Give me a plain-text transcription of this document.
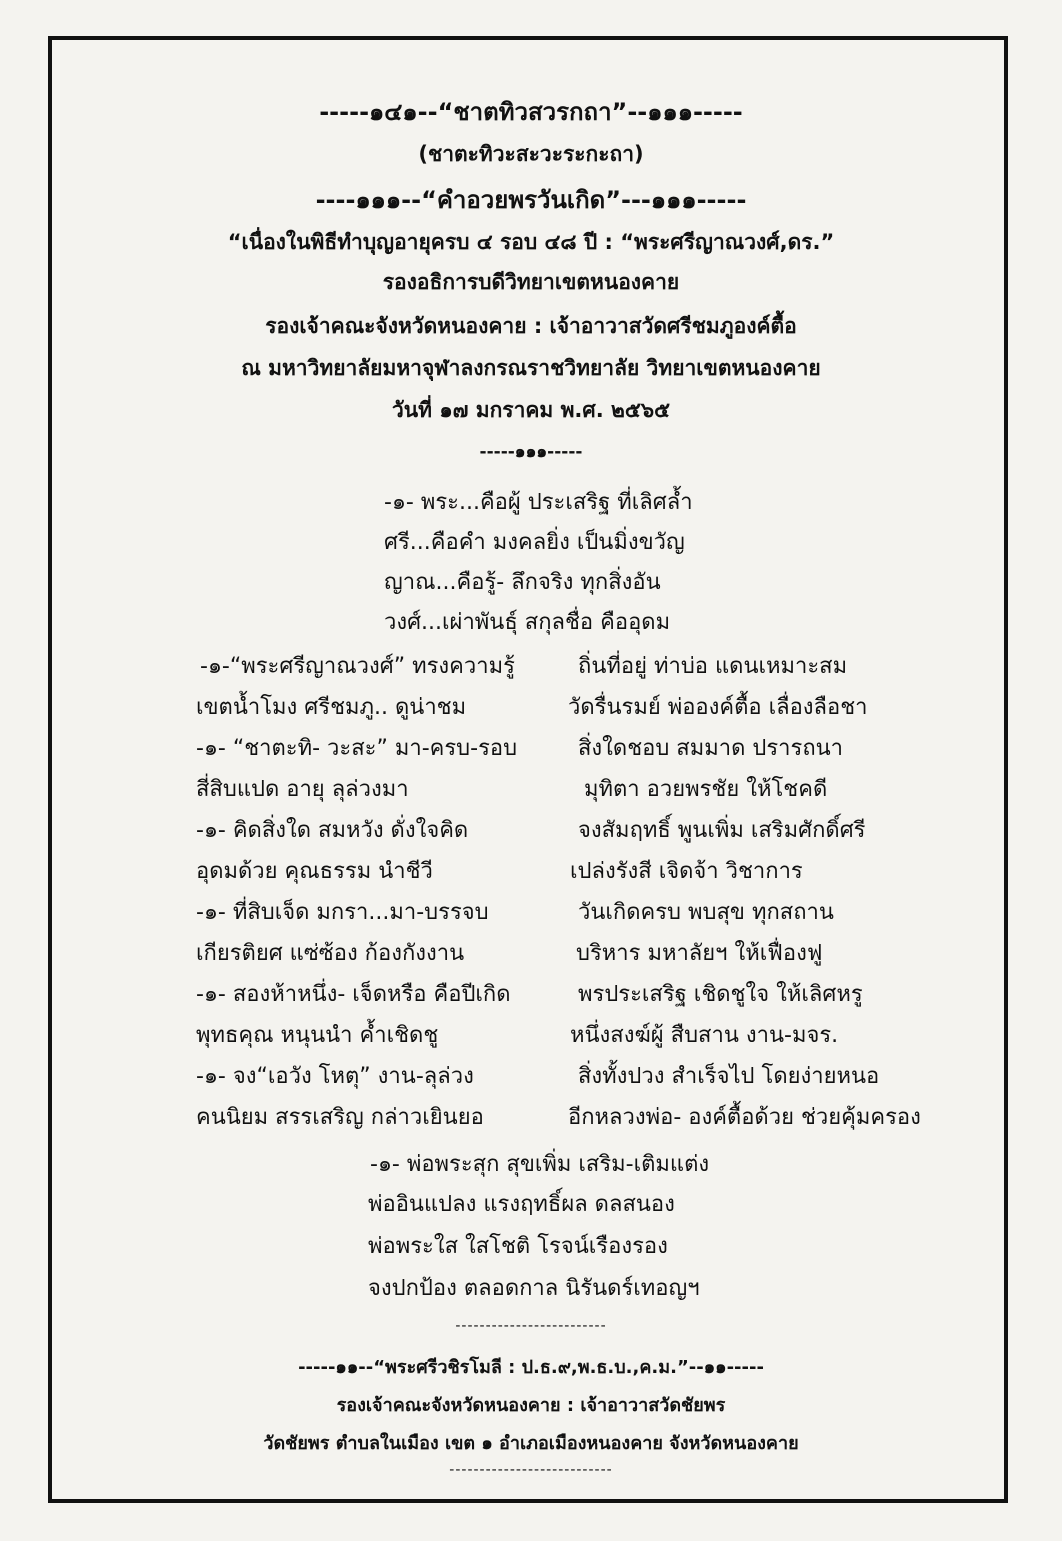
-----๑๔๑--“ชาตทิวสวรกถา”--๑๑๑-----
(ชาตะทิวะสะวะระกะถา)
----๑๑๑--“คำอวยพรวันเกิด”---๑๑๑-----
“เนื่องในพิธีทำบุญอายุครบ ๔ รอบ ๔๘ ปี : “พระศรีญาณวงศ์,ดร.”
รองอธิการบดีวิทยาเขตหนองคาย
รองเจ้าคณะจังหวัดหนองคาย : เจ้าอาวาสวัดศรีชมภูองค์ตื้อ
ณ มหาวิทยาลัยมหาจุฬาลงกรณราชวิทยาลัย วิทยาเขตหนองคาย
วันที่ ๑๗ มกราคม พ.ศ. ๒๕๖๕
-----๑๑๑-----
-๑- พระ...คือผู้ ประเสริฐ ที่เลิศล้ำ
ศรี...คือคำ มงคลยิ่ง เป็นมิ่งขวัญ
ญาณ...คือรู้- ลึกจริง ทุกสิ่งอัน
วงศ์...เผ่าพันธุ์ สกุลชื่อ คืออุดม
-๑-“พระศรีญาณวงศ์” ทรงความรู้	ถิ่นที่อยู่ ท่าบ่อ แดนเหมาะสม
เขตน้ำโมง ศรีชมภู.. ดูน่าชม	วัดรื่นรมย์ พ่อองค์ตื้อ เลื่องลือชา
-๑- “ชาตะทิ- วะสะ” มา-ครบ-รอบ	สิ่งใดชอบ สมมาด ปรารถนา
สี่สิบแปด อายุ ลุล่วงมา	มุทิตา อวยพรชัย ให้โชคดี
-๑- คิดสิ่งใด สมหวัง ดั่งใจคิด	จงสัมฤทธิ์ พูนเพิ่ม เสริมศักดิ์ศรี
อุดมด้วย คุณธรรม นำชีวี	เปล่งรังสี เจิดจ้า วิชาการ
-๑- ที่สิบเจ็ด มกรา...มา-บรรจบ	วันเกิดครบ พบสุข ทุกสถาน
เกียรติยศ แซ่ซ้อง ก้องกังงาน	บริหาร มหาลัยฯ ให้เฟื่องฟู
-๑- สองห้าหนึ่ง- เจ็ดหรือ คือปีเกิด	พรประเสริฐ เชิดชูใจ ให้เลิศหรู
พุทธคุณ หนุนนำ ค้ำเชิดชู	หนึ่งสงฆ์ผู้ สืบสาน งาน-มจร.
-๑- จง“เอวัง โหตุ” งาน-ลุล่วง	สิ่งทั้งปวง สำเร็จไป โดยง่ายหนอ
คนนิยม สรรเสริญ กล่าวเยินยอ	อีกหลวงพ่อ- องค์ตื้อด้วย ช่วยคุ้มครอง
-๑- พ่อพระสุก สุขเพิ่ม เสริม-เติมแต่ง
พ่ออินแปลง แรงฤทธิ์ผล ดลสนอง
พ่อพระใส ใสโชติ โรจน์เรืองรอง
จงปกป้อง ตลอดกาล นิรันดร์เทอญฯ
-------------------------
-----๑๑--“พระศรีวชิรโมลี : ป.ธ.๙,พ.ธ.บ.,ค.ม.”--๑๑-----
รองเจ้าคณะจังหวัดหนองคาย : เจ้าอาวาสวัดชัยพร
วัดชัยพร ตำบลในเมือง เขต ๑ อำเภอเมืองหนองคาย จังหวัดหนองคาย
---------------------------
